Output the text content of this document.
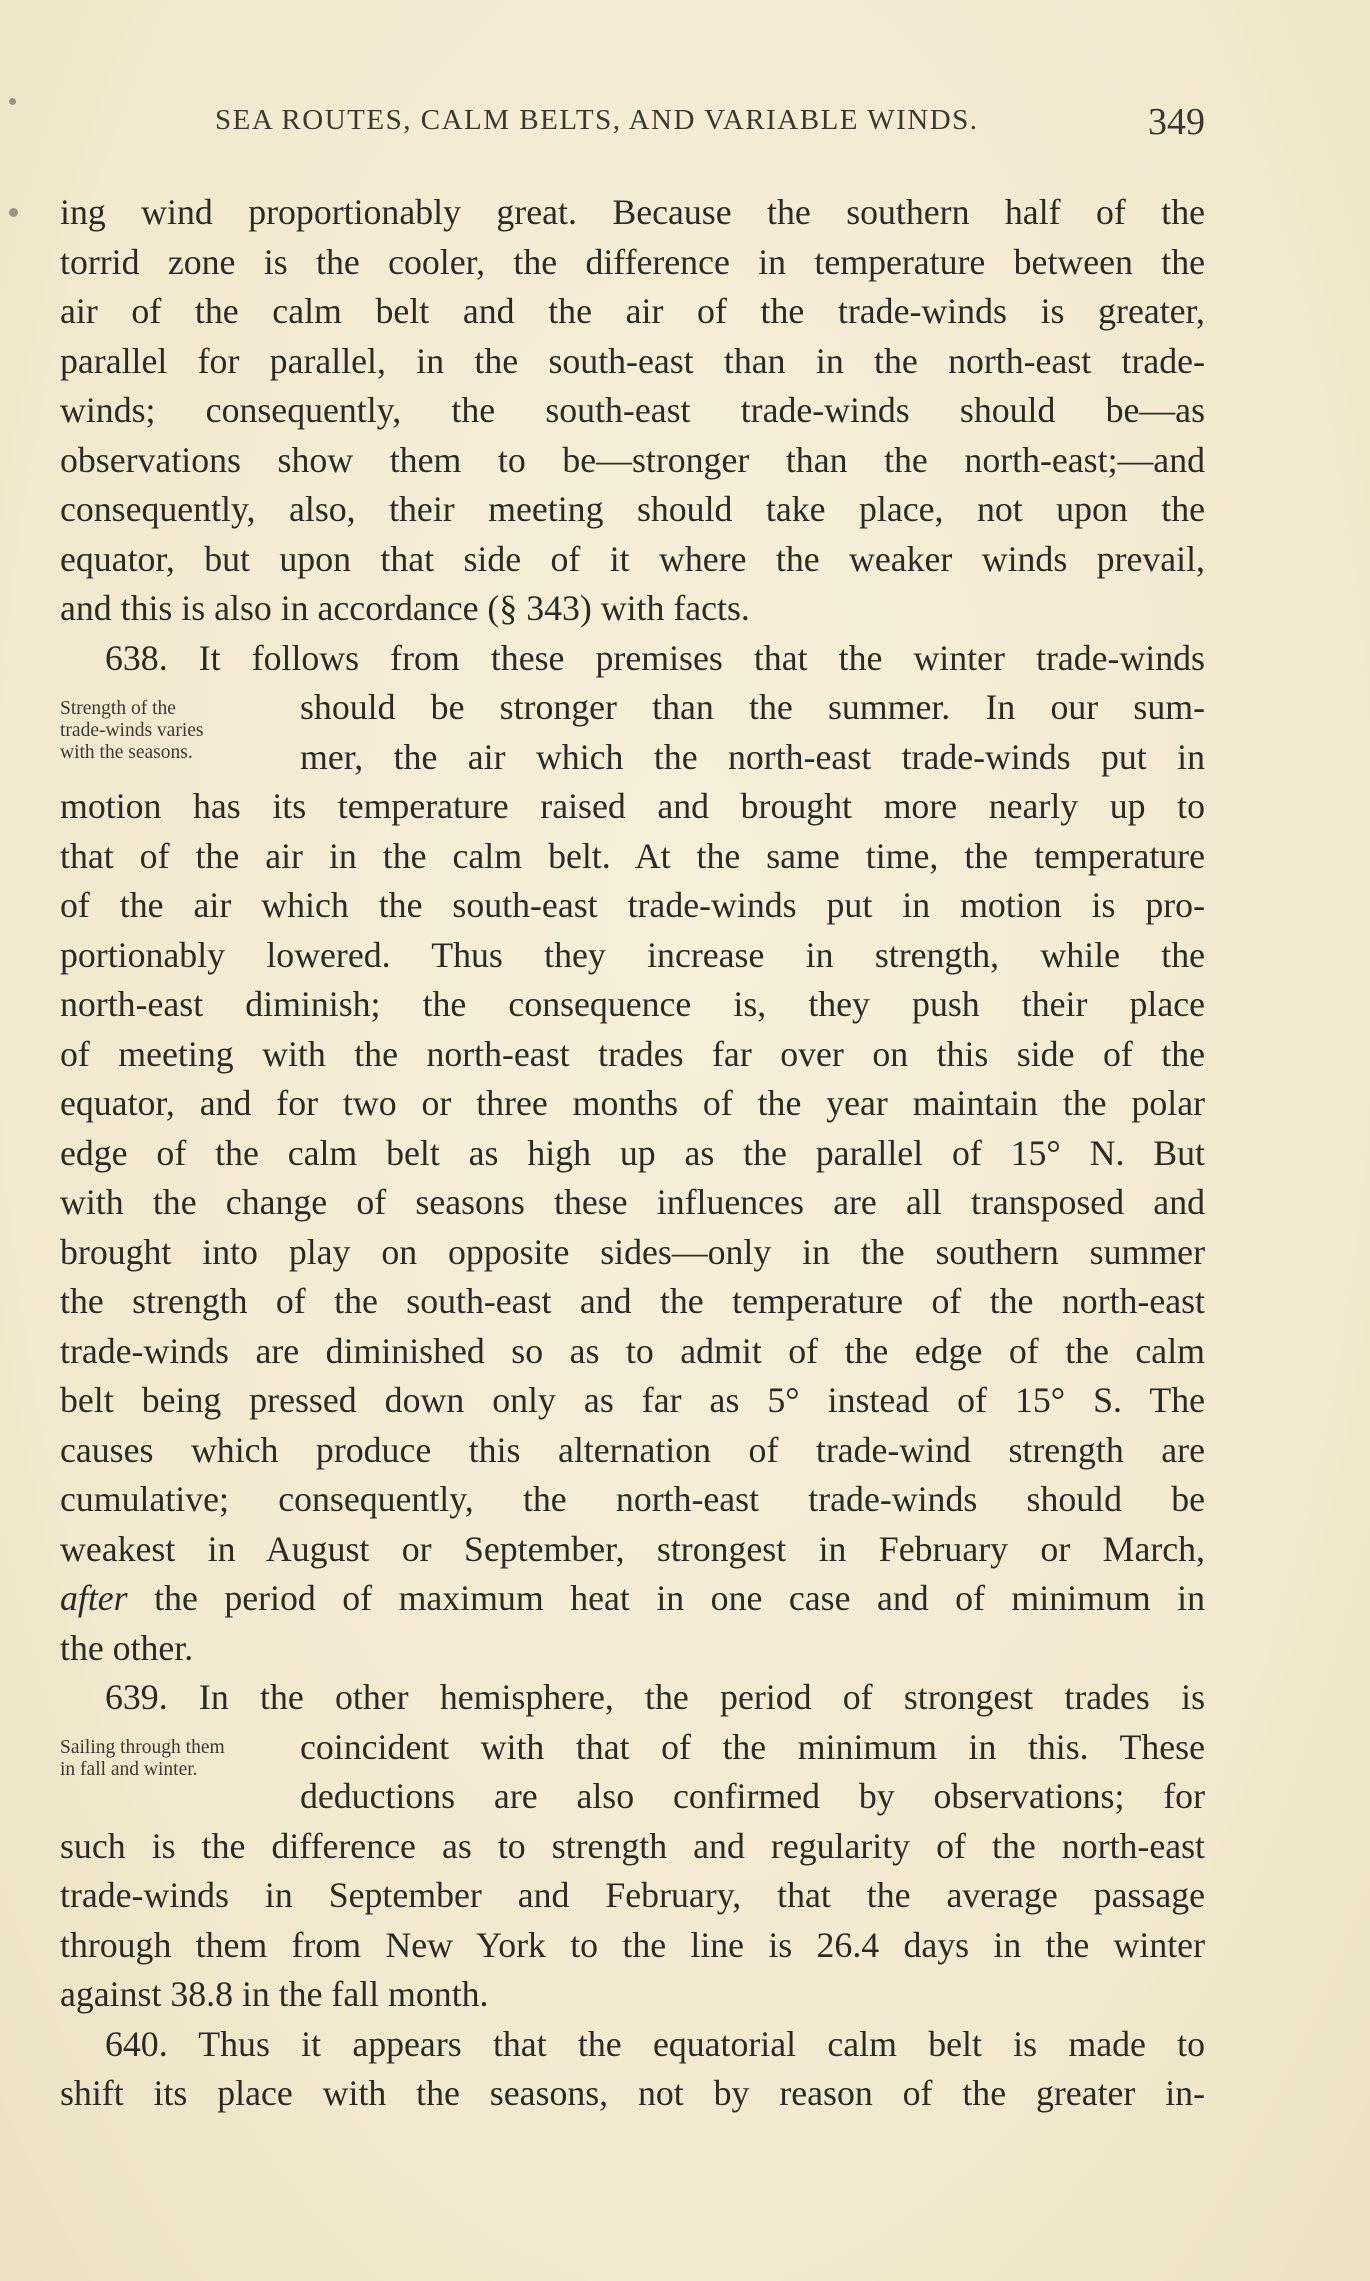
SEA ROUTES, CALM BELTS, AND VARIABLE WINDS.	349
ing wind proportionably great. Because the southern half of the
torrid zone is the cooler, the difference in temperature between the
air of the calm belt and the air of the trade-winds is greater,
parallel for parallel, in the south-east than in the north-east trade-
winds; consequently, the south-east trade-winds should be—as
observations show them to be—stronger than the north-east;—and
consequently, also, their meeting should take place, not upon the
equator, but upon that side of it where the weaker winds prevail,
and this is also in accordance (§ 343) with facts.
Strength of the
trade-winds varies
with the seasons.
638. It follows from these premises that the winter trade-winds
should be stronger than the summer. In our sum-
mer, the air which the north-east trade-winds put in
motion has its temperature raised and brought more nearly up to
that of the air in the calm belt. At the same time, the temperature
of the air which the south-east trade-winds put in motion is pro-
portionably lowered. Thus they increase in strength, while the
north-east diminish; the consequence is, they push their place
of meeting with the north-east trades far over on this side of the
equator, and for two or three months of the year maintain the polar
edge of the calm belt as high up as the parallel of 15° N. But
with the change of seasons these influences are all transposed and
brought into play on opposite sides—only in the southern summer
the strength of the south-east and the temperature of the north-east
trade-winds are diminished so as to admit of the edge of the calm
belt being pressed down only as far as 5° instead of 15° S. The
causes which produce this alternation of trade-wind strength are
cumulative; consequently, the north-east trade-winds should be
weakest in August or September, strongest in February or March,
after the period of maximum heat in one case and of minimum in
the other.
Sailing through them
in fall and winter.
639. In the other hemisphere, the period of strongest trades is
coincident with that of the minimum in this. These
deductions are also confirmed by observations; for
such is the difference as to strength and regularity of the north-east
trade-winds in September and February, that the average passage
through them from New York to the line is 26.4 days in the winter
against 38.8 in the fall month.
640. Thus it appears that the equatorial calm belt is made to
shift its place with the seasons, not by reason of the greater in-
